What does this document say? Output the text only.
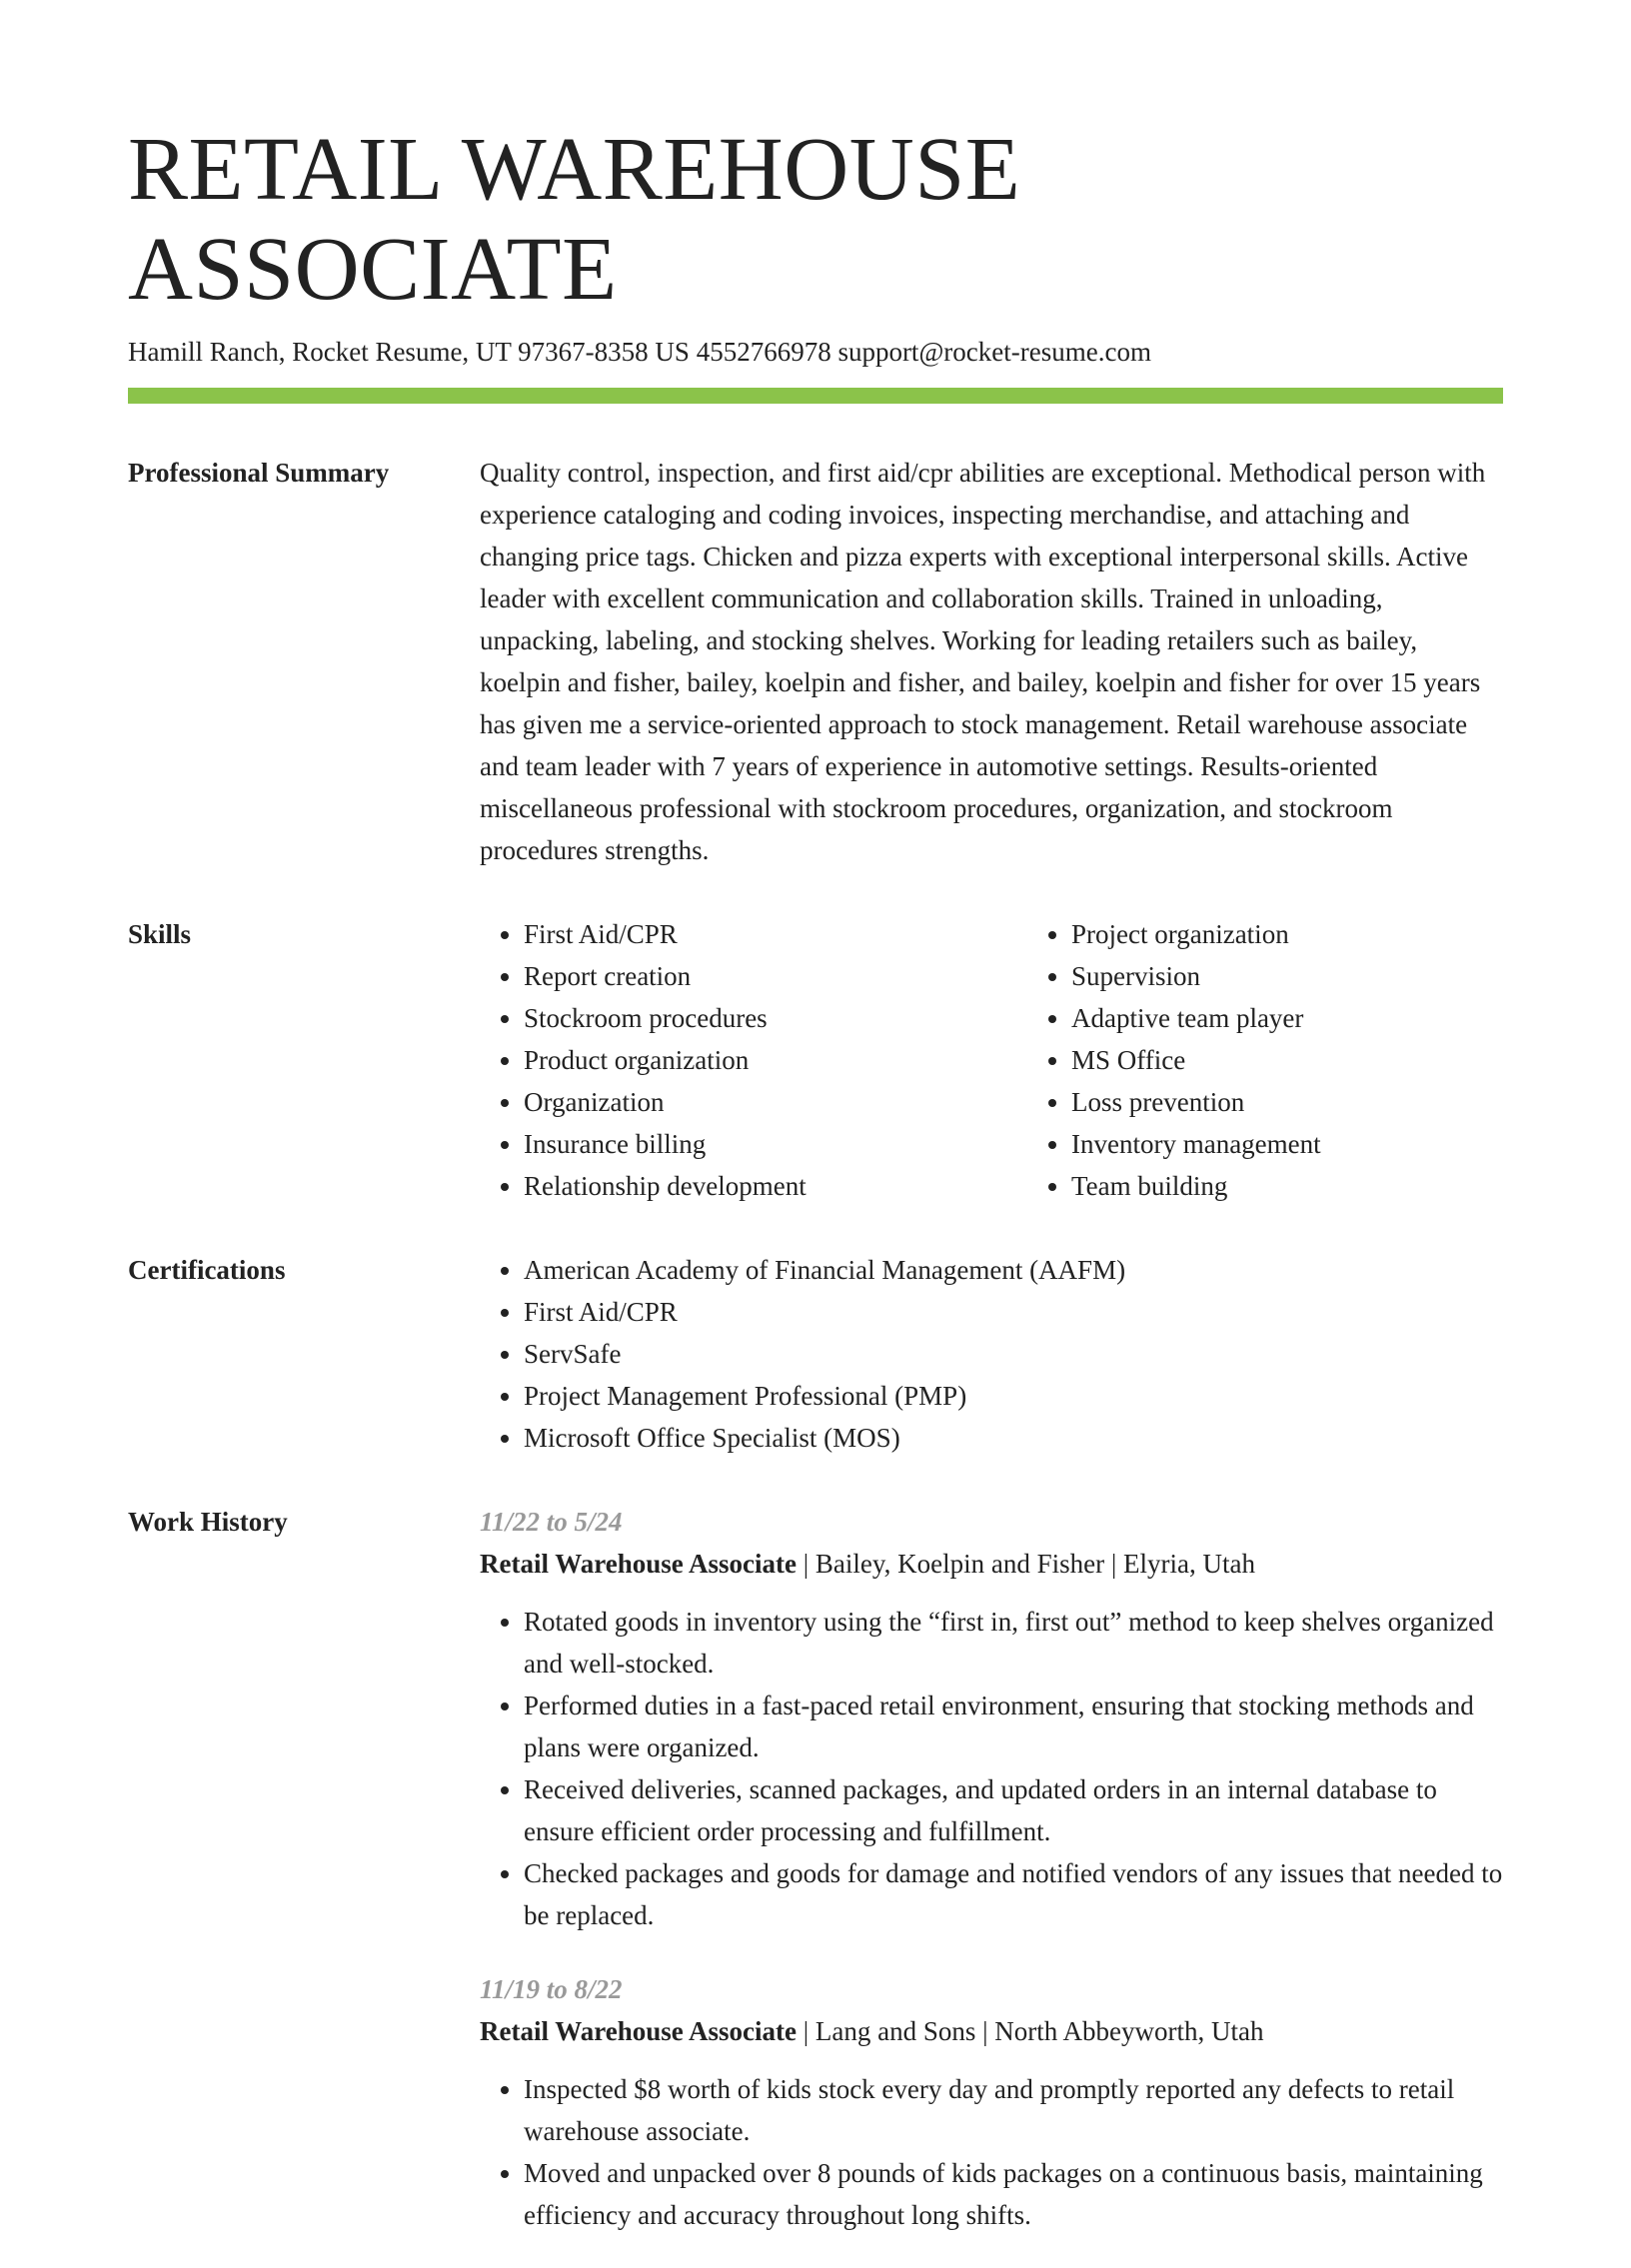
RETAIL WAREHOUSE ASSOCIATE
Hamill Ranch, Rocket Resume, UT 97367-8358 US 4552766978 support@rocket-resume.com
Professional Summary	Quality control, inspection, and first aid/cpr abilities are exceptional. Methodical person with experience cataloging and coding invoices, inspecting merchandise, and attaching and changing price tags. Chicken and pizza experts with exceptional interpersonal skills. Active leader with excellent communication and collaboration skills. Trained in unloading, unpacking, labeling, and stocking shelves. Working for leading retailers such as bailey, koelpin and fisher, bailey, koelpin and fisher, and bailey, koelpin and fisher for over 15 years has given me a service-oriented approach to stock management. Retail warehouse associate and team leader with 7 years of experience in automotive settings. Results-oriented miscellaneous professional with stockroom procedures, organization, and stockroom procedures strengths.

Skills	• First Aid/CPR
• Report creation
• Stockroom procedures
• Product organization
• Organization
• Insurance billing
• Relationship development
• Project organization
• Supervision
• Adaptive team player
• MS Office
• Loss prevention
• Inventory management
• Team building
Certifications	• American Academy of Financial Management (AAFM)
• First Aid/CPR
• ServSafe
• Project Management Professional (PMP)
• Microsoft Office Specialist (MOS)
Work History	11/22 to 5/24
Retail Warehouse Associate | Bailey, Koelpin and Fisher | Elyria, Utah
• Rotated goods in inventory using the “first in, first out” method to keep shelves organized and well-stocked.
• Performed duties in a fast-paced retail environment, ensuring that stocking methods and plans were organized.
• Received deliveries, scanned packages, and updated orders in an internal database to ensure efficient order processing and fulfillment.
• Checked packages and goods for damage and notified vendors of any issues that needed to be replaced.
11/19 to 8/22
Retail Warehouse Associate | Lang and Sons | North Abbeyworth, Utah
• Inspected $8 worth of kids stock every day and promptly reported any defects to retail warehouse associate.
• Moved and unpacked over 8 pounds of kids packages on a continuous basis, maintaining efficiency and accuracy throughout long shifts.
